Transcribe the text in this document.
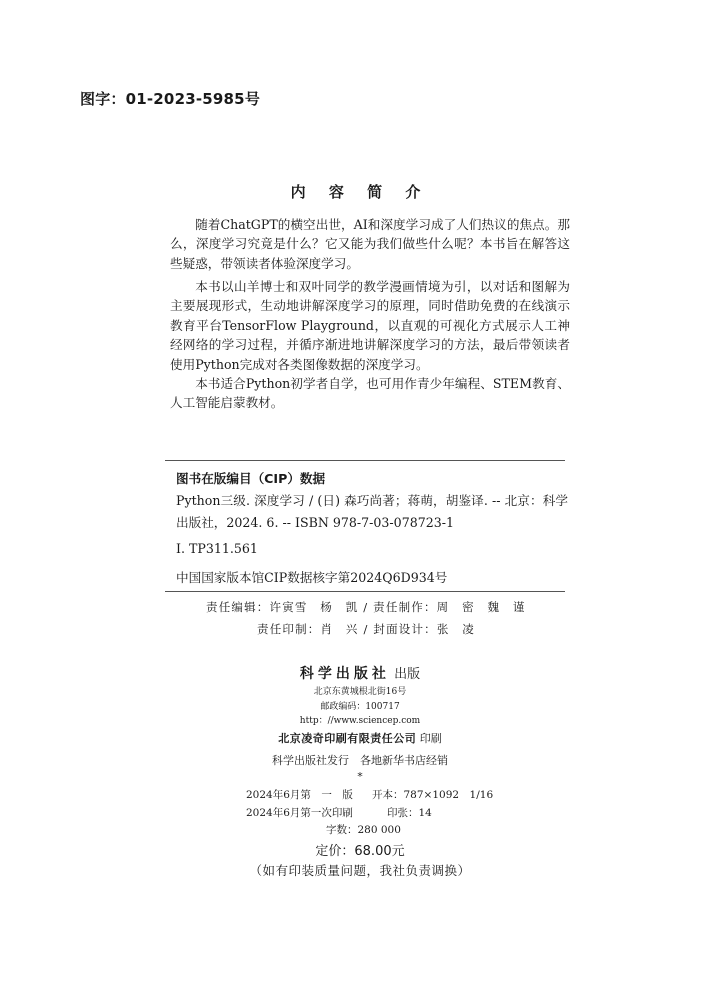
图字：01-2023-5985号
内 容 简 介

随着ChatGPT的横空出世，AI和深度学习成了人们热议的焦点。那么，深度学习究竟是什么？它又能为我们做些什么呢？本书旨在解答这些疑惑，带领读者体验深度学习。

本书以山羊博士和双叶同学的教学漫画情境为引，以对话和图解为主要展现形式，生动地讲解深度学习的原理，同时借助免费的在线演示教育平台TensorFlow Playground，以直观的可视化方式展示人工神经网络的学习过程，并循序渐进地讲解深度学习的方法，最后带领读者使用Python完成对各类图像数据的深度学习。

本书适合Python初学者自学，也可用作青少年编程、STEM教育、人工智能启蒙教材。

图书在版编目（CIP）数据
Python三级. 深度学习 / (日) 森巧尚著；蒋萌，胡鉴译. -- 北京：科学出版社，2024. 6. -- ISBN 978-7-03-078723-1
Ⅰ. TP311.561
中国国家版本馆CIP数据核字第2024Q6D934号
责任编辑：许寅雪　杨　凯 / 责任制作：周　密　魏　谨
责任印制：肖　兴 / 封面设计：张　凌
科学出版社 出版
北京东黄城根北街16号
邮政编码：100717
http：//www.sciencep.com
北京凌奇印刷有限责任公司 印刷
科学出版社发行　各地新华书店经销
*
2024年6月第　一　版 开本：787×1092　1/16
2024年6月第一次印刷	印张：14
字数：280 000
定价：68.00元
（如有印装质量问题，我社负责调换）
